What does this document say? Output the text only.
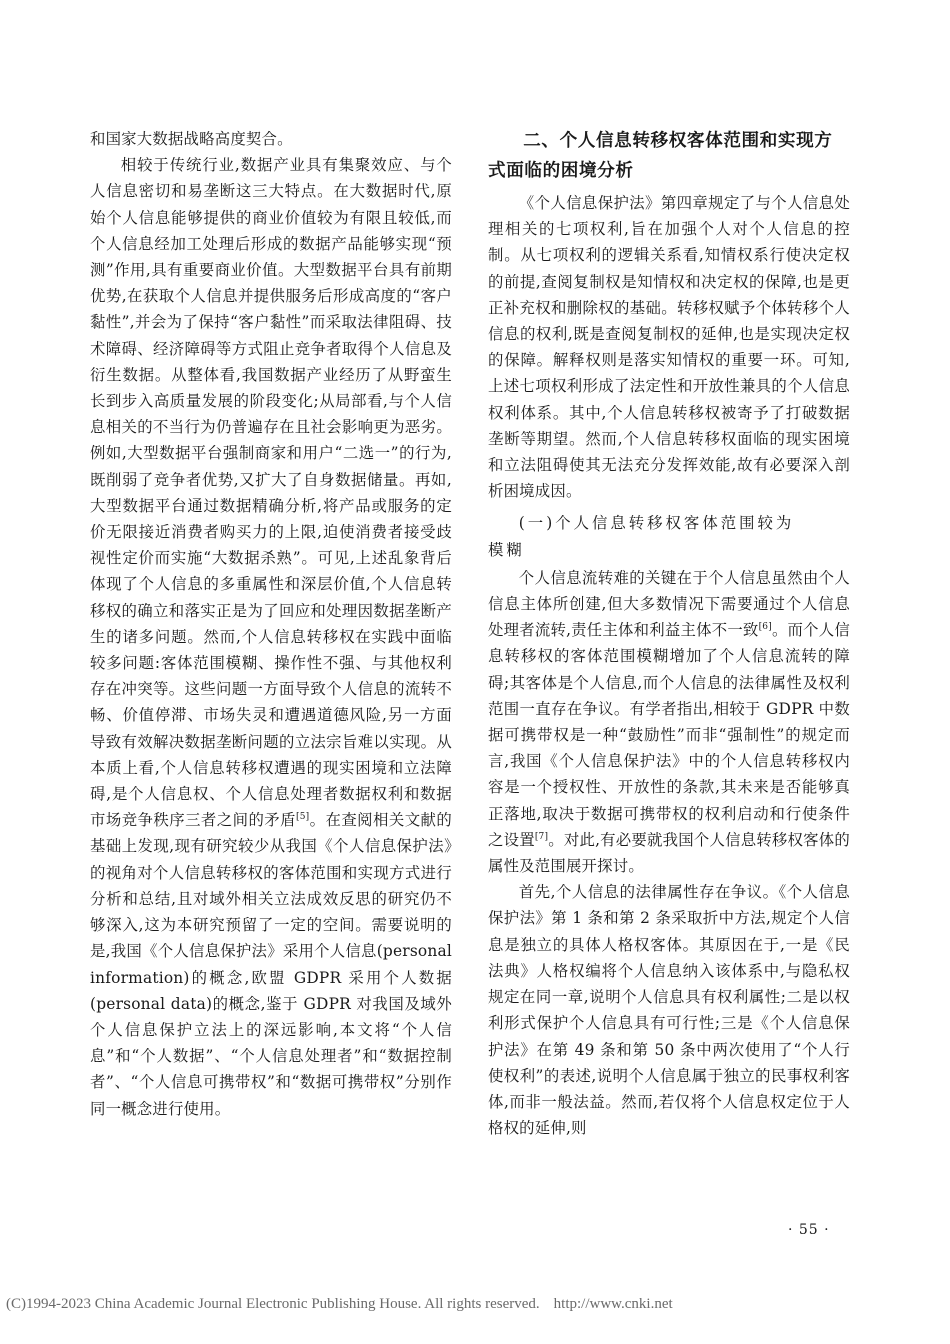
和国家大数据战略高度契合。

相较于传统行业,数据产业具有集聚效应、与个人信息密切和易垄断这三大特点。在大数据时代,原始个人信息能够提供的商业价值较为有限且较低,而个人信息经加工处理后形成的数据产品能够实现“预测”作用,具有重要商业价值。大型数据平台具有前期优势,在获取个人信息并提供服务后形成高度的“客户黏性”,并会为了保持“客户黏性”而采取法律阻碍、技术障碍、经济障碍等方式阻止竞争者取得个人信息及衍生数据。从整体看,我国数据产业经历了从野蛮生长到步入高质量发展的阶段变化;从局部看,与个人信息相关的不当行为仍普遍存在且社会影响更为恶劣。例如,大型数据平台强制商家和用户“二选一”的行为,既削弱了竞争者优势,又扩大了自身数据储量。再如,大型数据平台通过数据精确分析,将产品或服务的定价无限接近消费者购买力的上限,迫使消费者接受歧视性定价而实施“大数据杀熟”。可见,上述乱象背后体现了个人信息的多重属性和深层价值,个人信息转移权的确立和落实正是为了回应和处理因数据垄断产生的诸多问题。然而,个人信息转移权在实践中面临较多问题:客体范围模糊、操作性不强、与其他权利存在冲突等。这些问题一方面导致个人信息的流转不畅、价值停滞、市场失灵和遭遇道德风险,另一方面导致有效解决数据垄断问题的立法宗旨难以实现。从本质上看,个人信息转移权遭遇的现实困境和立法障碍,是个人信息权、个人信息处理者数据权利和数据市场竞争秩序三者之间的矛盾[5]。在查阅相关文献的基础上发现,现有研究较少从我国《个人信息保护法》的视角对个人信息转移权的客体范围和实现方式进行分析和总结,且对域外相关立法成效反思的研究仍不够深入,这为本研究预留了一定的空间。需要说明的是,我国《个人信息保护法》采用个人信息(personal information)的概念,欧盟 GDPR 采用个人数据(personal data)的概念,鉴于 GDPR 对我国及域外个人信息保护立法上的深远影响,本文将“个人信息”和“个人数据”、“个人信息处理者”和“数据控制者”、“个人信息可携带权”和“数据可携带权”分别作同一概念进行使用。

二、个人信息转移权客体范围和实现方
式面临的困境分析

《个人信息保护法》第四章规定了与个人信息处理相关的七项权利,旨在加强个人对个人信息的控制。从七项权利的逻辑关系看,知情权系行使决定权的前提,查阅复制权是知情权和决定权的保障,也是更正补充权和删除权的基础。转移权赋予个体转移个人信息的权利,既是查阅复制权的延伸,也是实现决定权的保障。解释权则是落实知情权的重要一环。可知,上述七项权利形成了法定性和开放性兼具的个人信息权利体系。其中,个人信息转移权被寄予了打破数据垄断等期望。然而,个人信息转移权面临的现实困境和立法阻碍使其无法充分发挥效能,故有必要深入剖析困境成因。

(一)个人信息转移权客体范围较为
模糊

个人信息流转难的关键在于个人信息虽然由个人信息主体所创建,但大多数情况下需要通过个人信息处理者流转,责任主体和利益主体不一致[6]。而个人信息转移权的客体范围模糊增加了个人信息流转的障碍;其客体是个人信息,而个人信息的法律属性及权利范围一直存在争议。有学者指出,相较于 GDPR 中数据可携带权是一种“鼓励性”而非“强制性”的规定而言,我国《个人信息保护法》中的个人信息转移权内容是一个授权性、开放性的条款,其未来是否能够真正落地,取决于数据可携带权的权利启动和行使条件之设置[7]。对此,有必要就我国个人信息转移权客体的属性及范围展开探讨。

首先,个人信息的法律属性存在争议。《个人信息保护法》第 1 条和第 2 条采取折中方法,规定个人信息是独立的具体人格权客体。其原因在于,一是《民法典》人格权编将个人信息纳入该体系中,与隐私权规定在同一章,说明个人信息具有权利属性;二是以权利形式保护个人信息具有可行性;三是《个人信息保护法》在第 49 条和第 50 条中两次使用了“个人行使权利”的表述,说明个人信息属于独立的民事权利客体,而非一般法益。然而,若仅将个人信息权定位于人格权的延伸,则

· 55 ·
(C)1994-2023 China Academic Journal Electronic Publishing House. All rights reserved. http://www.cnki.net
